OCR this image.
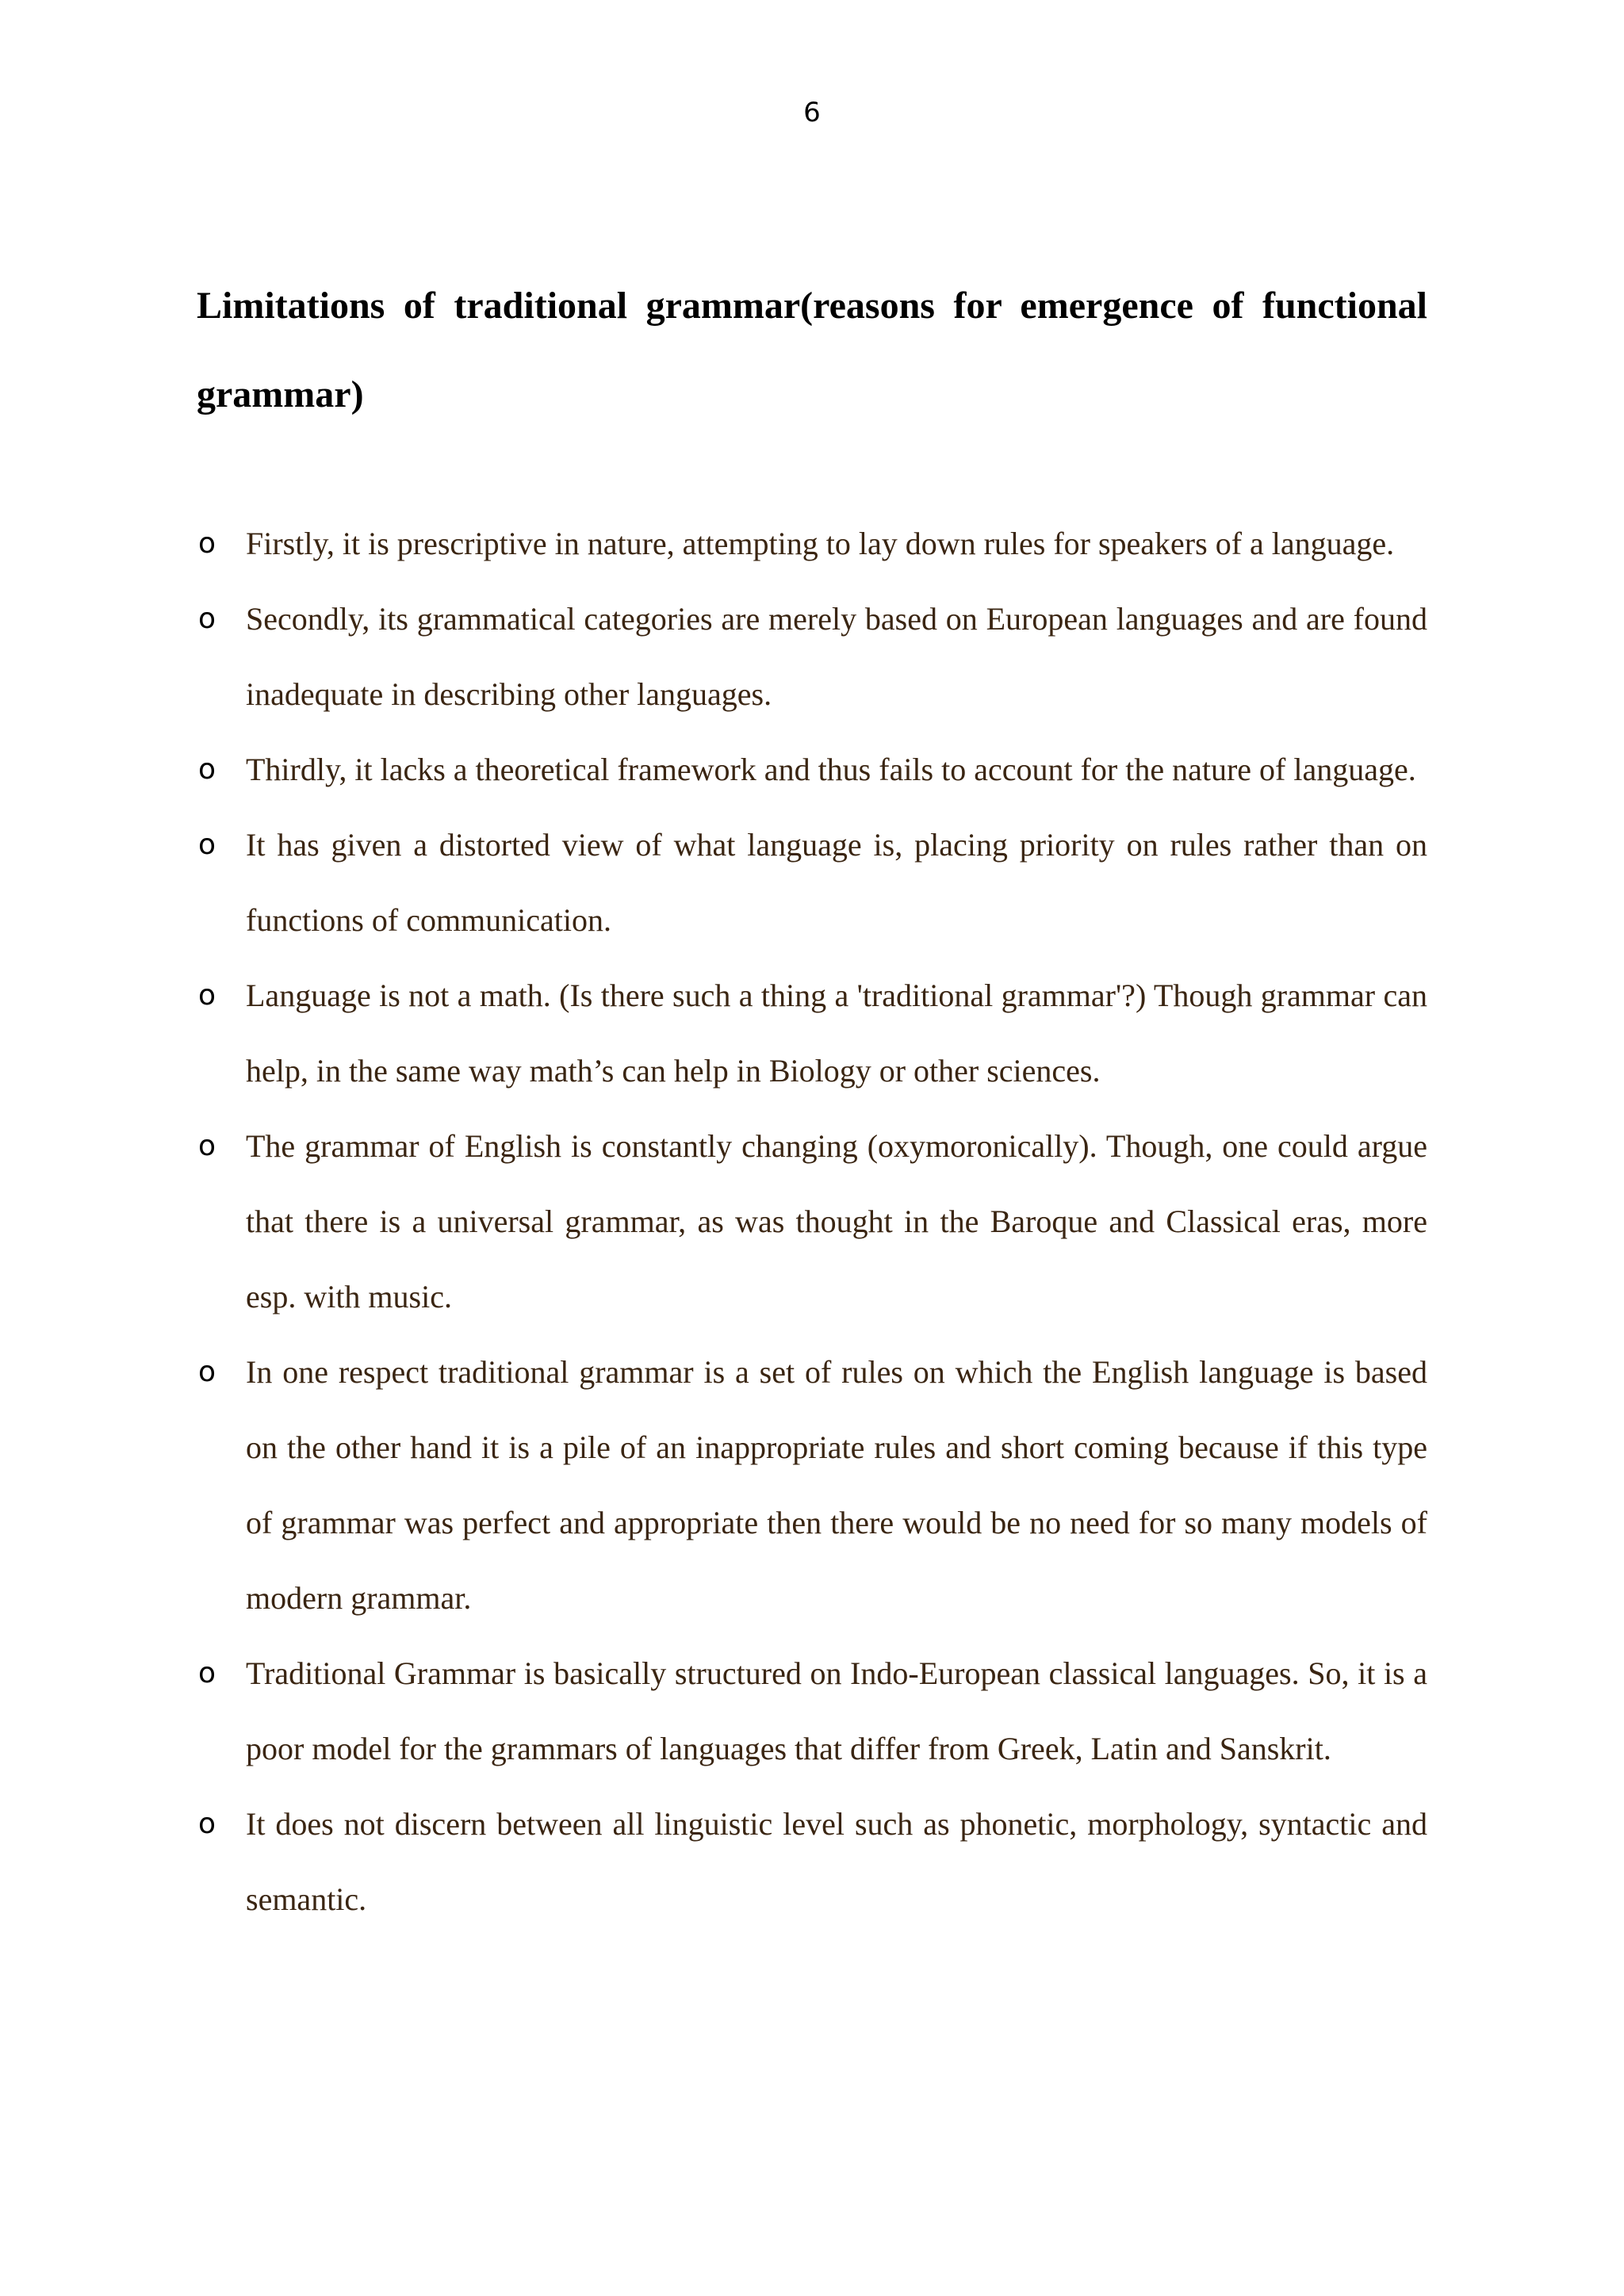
6
Limitations of traditional grammar(reasons for emergence of functional grammar)
o Firstly, it is prescriptive in nature, attempting to lay down rules for speakers of a language.
o Secondly, its grammatical categories are merely based on European languages and are found inadequate in describing other languages.
o Thirdly, it lacks a theoretical framework and thus fails to account for the nature of language.
o It has given a distorted view of what language is, placing priority on rules rather than on functions of communication.
o Language is not a math. (Is there such a thing a 'traditional grammar'?) Though grammar can help, in the same way math’s can help in Biology or other sciences.
o The grammar of English is constantly changing (oxymoronically). Though, one could argue that there is a universal grammar, as was thought in the Baroque and Classical eras, more esp. with music.
o In one respect traditional grammar is a set of rules on which the English language is based on the other hand it is a pile of an inappropriate rules and short coming because if this type of grammar was perfect and appropriate then there would be no need for so many models of modern grammar.
o Traditional Grammar is basically structured on Indo-European classical languages. So, it is a poor model for the grammars of languages that differ from Greek, Latin and Sanskrit.
o It does not discern between all linguistic level such as phonetic, morphology, syntactic and semantic.
